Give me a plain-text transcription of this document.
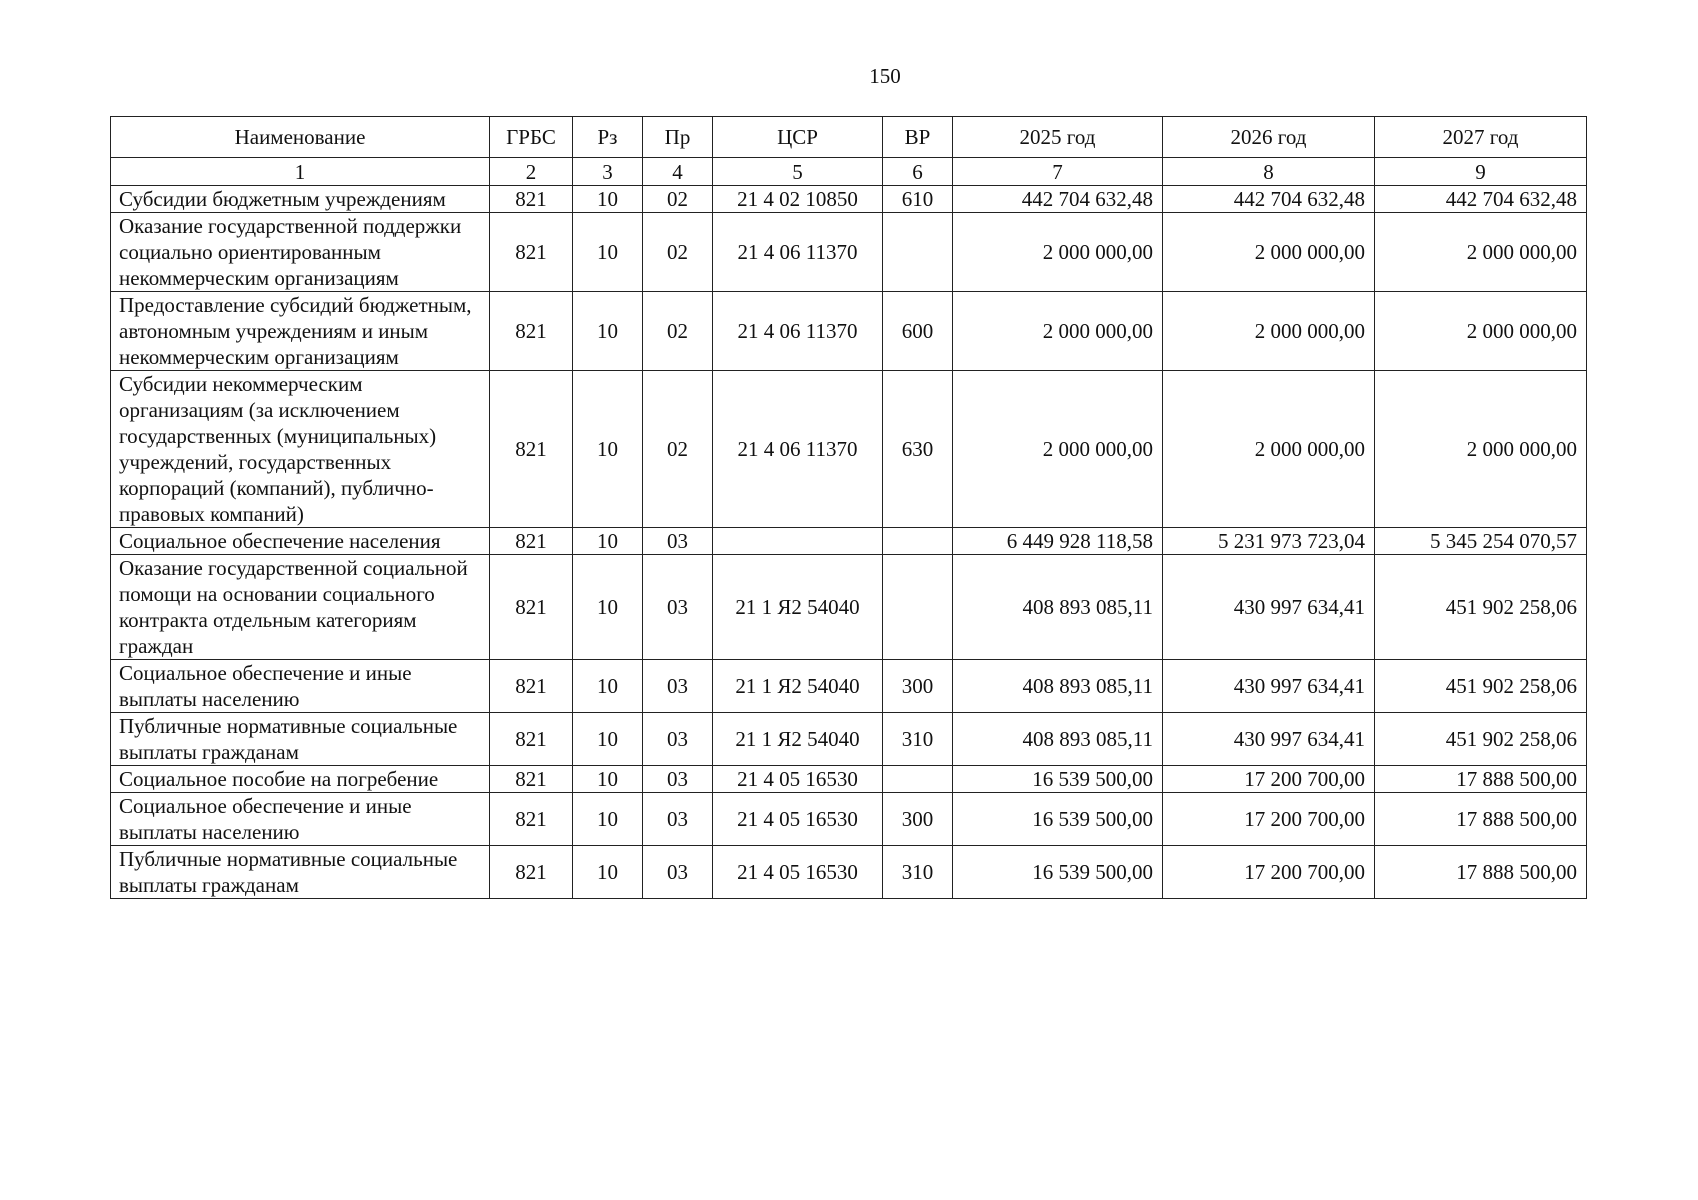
150
Наименование	ГРБС	Рз	Пр	ЦСР	ВР	2025 год	2026 год	2027 год
1	2	3	4	5	6	7	8	9
Субсидии бюджетным учреждениям	821	10	02	21 4 02 10850	610	442 704 632,48	442 704 632,48	442 704 632,48
Оказание государственной поддержки социально ориентированным некоммерческим организациям	821	10	02	21 4 06 11370		2 000 000,00	2 000 000,00	2 000 000,00
Предоставление субсидий бюджетным, автономным учреждениям и иным некоммерческим организациям	821	10	02	21 4 06 11370	600	2 000 000,00	2 000 000,00	2 000 000,00
Субсидии некоммерческим организациям (за исключением государственных (муниципальных) учреждений, государственных корпораций (компаний), публично-правовых компаний)	821	10	02	21 4 06 11370	630	2 000 000,00	2 000 000,00	2 000 000,00
Социальное обеспечение населения	821	10	03			6 449 928 118,58	5 231 973 723,04	5 345 254 070,57
Оказание государственной социальной помощи на основании социального контракта отдельным категориям граждан	821	10	03	21 1 Я2 54040		408 893 085,11	430 997 634,41	451 902 258,06
Социальное обеспечение и иные выплаты населению	821	10	03	21 1 Я2 54040	300	408 893 085,11	430 997 634,41	451 902 258,06
Публичные нормативные социальные выплаты гражданам	821	10	03	21 1 Я2 54040	310	408 893 085,11	430 997 634,41	451 902 258,06
Социальное пособие на погребение	821	10	03	21 4 05 16530		16 539 500,00	17 200 700,00	17 888 500,00
Социальное обеспечение и иные выплаты населению	821	10	03	21 4 05 16530	300	16 539 500,00	17 200 700,00	17 888 500,00
Публичные нормативные социальные выплаты гражданам	821	10	03	21 4 05 16530	310	16 539 500,00	17 200 700,00	17 888 500,00
